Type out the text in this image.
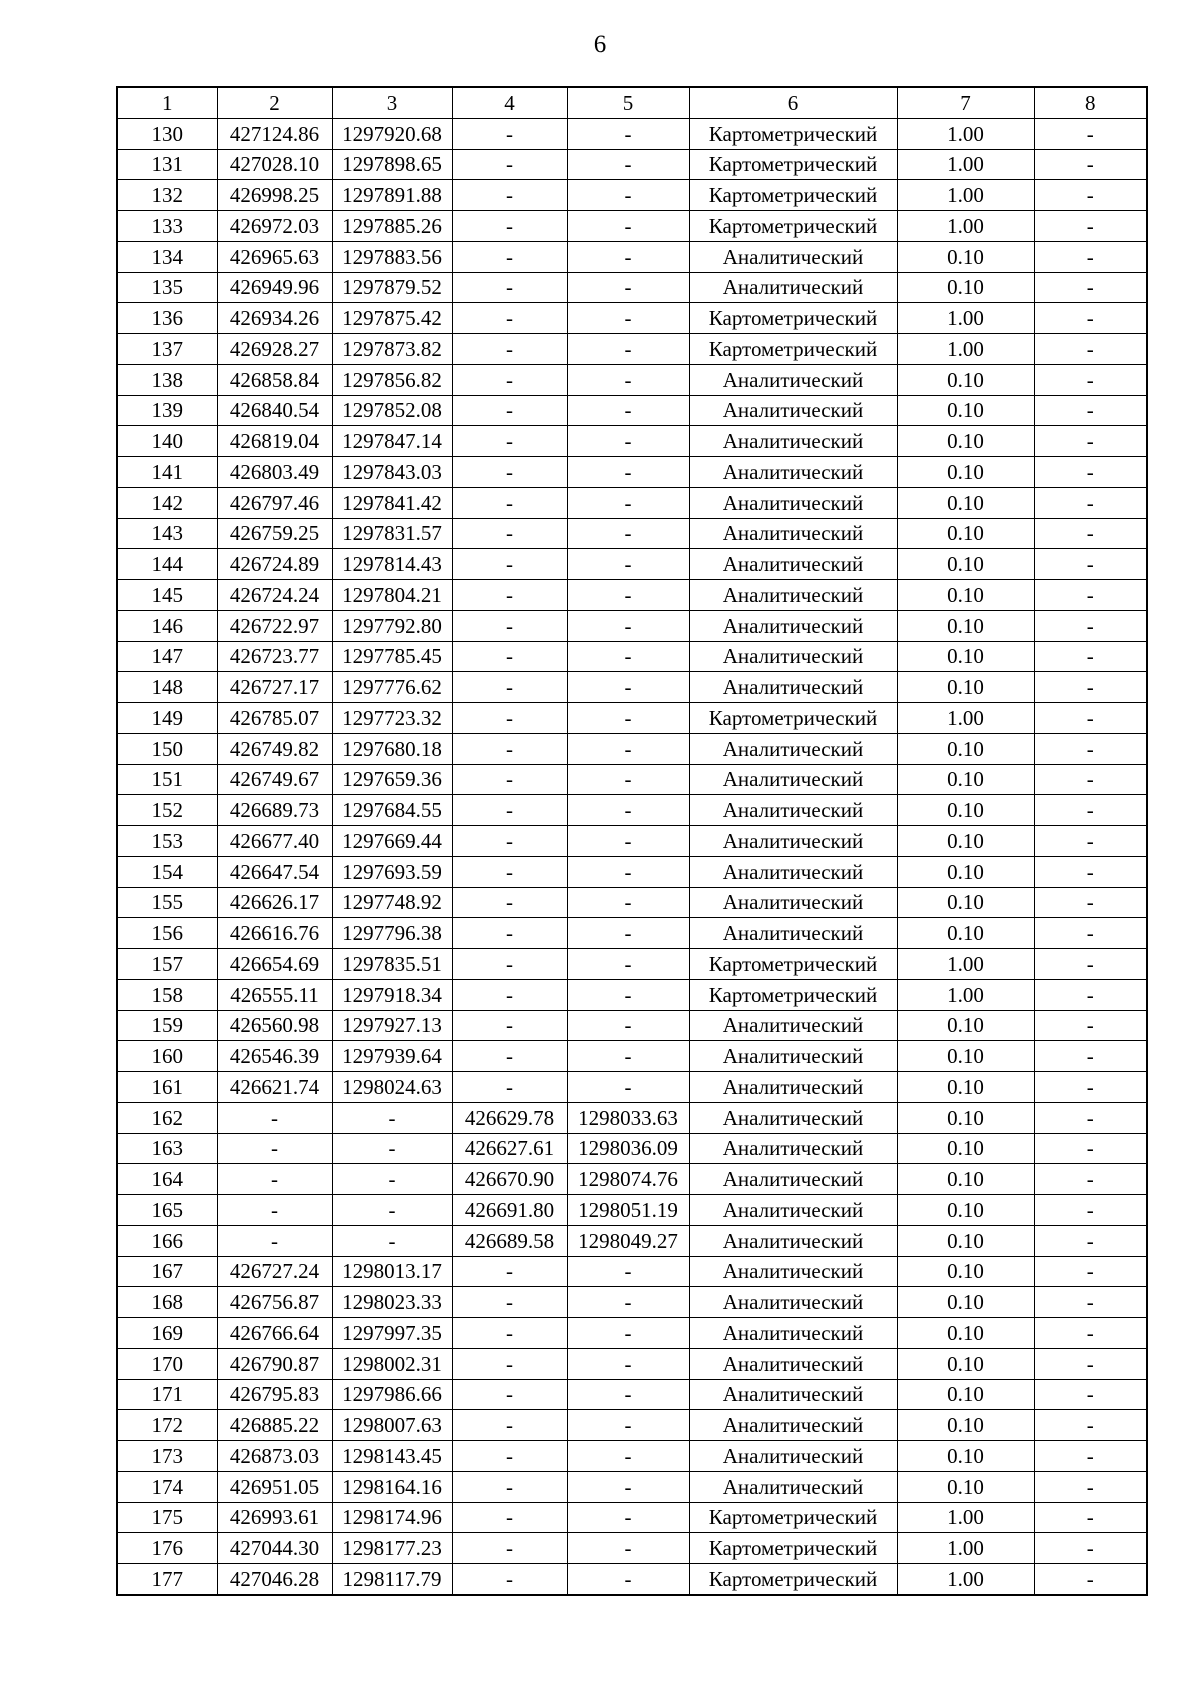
6
1	2	3	4	5	6	7	8
130	427124.86	1297920.68	-	-	Картометрический	1.00	-
131	427028.10	1297898.65	-	-	Картометрический	1.00	-
132	426998.25	1297891.88	-	-	Картометрический	1.00	-
133	426972.03	1297885.26	-	-	Картометрический	1.00	-
134	426965.63	1297883.56	-	-	Аналитический	0.10	-
135	426949.96	1297879.52	-	-	Аналитический	0.10	-
136	426934.26	1297875.42	-	-	Картометрический	1.00	-
137	426928.27	1297873.82	-	-	Картометрический	1.00	-
138	426858.84	1297856.82	-	-	Аналитический	0.10	-
139	426840.54	1297852.08	-	-	Аналитический	0.10	-
140	426819.04	1297847.14	-	-	Аналитический	0.10	-
141	426803.49	1297843.03	-	-	Аналитический	0.10	-
142	426797.46	1297841.42	-	-	Аналитический	0.10	-
143	426759.25	1297831.57	-	-	Аналитический	0.10	-
144	426724.89	1297814.43	-	-	Аналитический	0.10	-
145	426724.24	1297804.21	-	-	Аналитический	0.10	-
146	426722.97	1297792.80	-	-	Аналитический	0.10	-
147	426723.77	1297785.45	-	-	Аналитический	0.10	-
148	426727.17	1297776.62	-	-	Аналитический	0.10	-
149	426785.07	1297723.32	-	-	Картометрический	1.00	-
150	426749.82	1297680.18	-	-	Аналитический	0.10	-
151	426749.67	1297659.36	-	-	Аналитический	0.10	-
152	426689.73	1297684.55	-	-	Аналитический	0.10	-
153	426677.40	1297669.44	-	-	Аналитический	0.10	-
154	426647.54	1297693.59	-	-	Аналитический	0.10	-
155	426626.17	1297748.92	-	-	Аналитический	0.10	-
156	426616.76	1297796.38	-	-	Аналитический	0.10	-
157	426654.69	1297835.51	-	-	Картометрический	1.00	-
158	426555.11	1297918.34	-	-	Картометрический	1.00	-
159	426560.98	1297927.13	-	-	Аналитический	0.10	-
160	426546.39	1297939.64	-	-	Аналитический	0.10	-
161	426621.74	1298024.63	-	-	Аналитический	0.10	-
162	-	-	426629.78	1298033.63	Аналитический	0.10	-
163	-	-	426627.61	1298036.09	Аналитический	0.10	-
164	-	-	426670.90	1298074.76	Аналитический	0.10	-
165	-	-	426691.80	1298051.19	Аналитический	0.10	-
166	-	-	426689.58	1298049.27	Аналитический	0.10	-
167	426727.24	1298013.17	-	-	Аналитический	0.10	-
168	426756.87	1298023.33	-	-	Аналитический	0.10	-
169	426766.64	1297997.35	-	-	Аналитический	0.10	-
170	426790.87	1298002.31	-	-	Аналитический	0.10	-
171	426795.83	1297986.66	-	-	Аналитический	0.10	-
172	426885.22	1298007.63	-	-	Аналитический	0.10	-
173	426873.03	1298143.45	-	-	Аналитический	0.10	-
174	426951.05	1298164.16	-	-	Аналитический	0.10	-
175	426993.61	1298174.96	-	-	Картометрический	1.00	-
176	427044.30	1298177.23	-	-	Картометрический	1.00	-
177	427046.28	1298117.79	-	-	Картометрический	1.00	-
